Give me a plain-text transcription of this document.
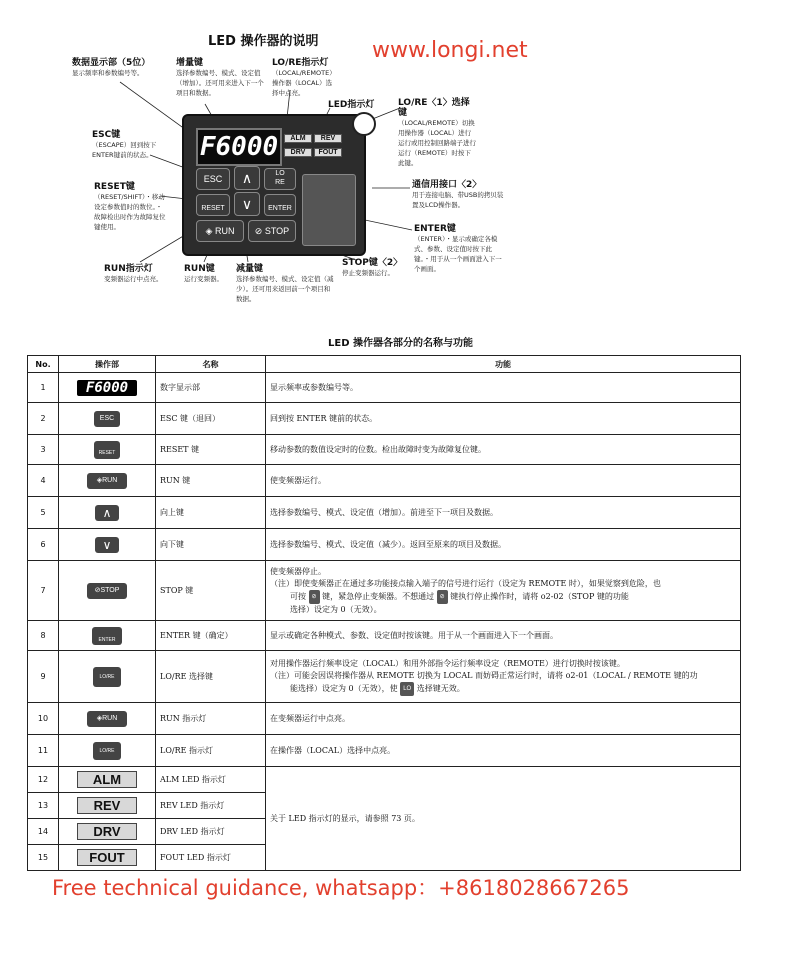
LED 操作器的说明 www.longi.net
数据显示部（5位）
显示频率和参数编号等。
增量键
选择参数编号、模式、设定值（增加）。还可用来进入下一个项目和数据。
LO/RE指示灯
（LOCAL/REMOTE）操作器（LOCAL）选择中点亮。
LED指示灯	LO/RE〈1〉选择键
（LOCAL/REMOTE）切换用操作器（LOCAL）进行运行或用控制回路端子进行运行（REMOTE）时按下此键。
ESC键
（ESCAPE）回到按下ENTER键前的状态。
通信用接口〈2〉
用于连接电脑、带USB的拷贝装置及LCD操作器。
RESET键
（RESET/SHIFT）・移动设定参数值时的数位。・故障检出时作为故障复位键使用。	ENTER键
（ENTER）・显示或确定各模式、参数、设定值时按下此键。・用于从一个画面进入下一个画面。
RUN指示灯
变频器运行中点亮。
RUN键
运行变频器。
减量键
选择参数编号、模式、设定值（减少）。还可用来返回前一个项目和数据。
STOP键〈2〉
停止变频器运行。
F6000	ALM	REV
DRV	FOUT
ESC	∧	LO
RE
RESET	∨	ENTER
◈ RUN	⊘ STOP
LED 操作器各部分的名称与功能
No.	操作部	名称	功能
1	F6000	数字显示部	显示频率或参数编号等。
2	ESC	ESC 键（退回）	回到按 ENTER 键前的状态。
3	RESET	RESET 键	移动参数的数值设定时的位数。检出故障时变为故障复位键。
4	◈RUN	RUN 键	使变频器运行。
5	∧	向上键	选择参数编号、模式、设定值（增加）。前进至下一项目及数据。
6	∨	向下键	选择参数编号、模式、设定值（减少）。返回至原来的项目及数据。
7	⊘STOP	STOP 键	使变频器停止。
（注）即使变频器正在通过多功能接点输入端子的信号进行运行（设定为 REMOTE 时），如果觉察到危险，也
可按 ⊘ 键，紧急停止变频器。不想通过 ⊘ 键执行停止操作时，请将 o2-02（STOP 键的功能
选择）设定为 0（无效）。

8	ENTER	ENTER 键（确定）	显示或确定各种模式、参数、设定值时按该键。用于从一个画面进入下一个画面。
9	LO/RE	LO/RE 选择键	对用操作器运行频率设定（LOCAL）和用外部指令运行频率设定（REMOTE）进行切换时按该键。
（注）可能会因误将操作器从 REMOTE 切换为 LOCAL 而妨碍正常运行时，请将 o2-01（LOCAL / REMOTE 键的功
能选择）设定为 0（无效），使 LO 选择键无效。

10	◈RUN	RUN 指示灯	在变频器运行中点亮。
11	LO/RE	LO/RE 指示灯	在操作器（LOCAL）选择中点亮。
12	ALM	ALM LED 指示灯	关于 LED 指示灯的显示，请参照 73 页。
13	REV	REV LED 指示灯	
14	DRV	DRV LED 指示灯	
15	FOUT	FOUT LED 指示灯	
Free technical guidance, whatsapp：+8618028667265
